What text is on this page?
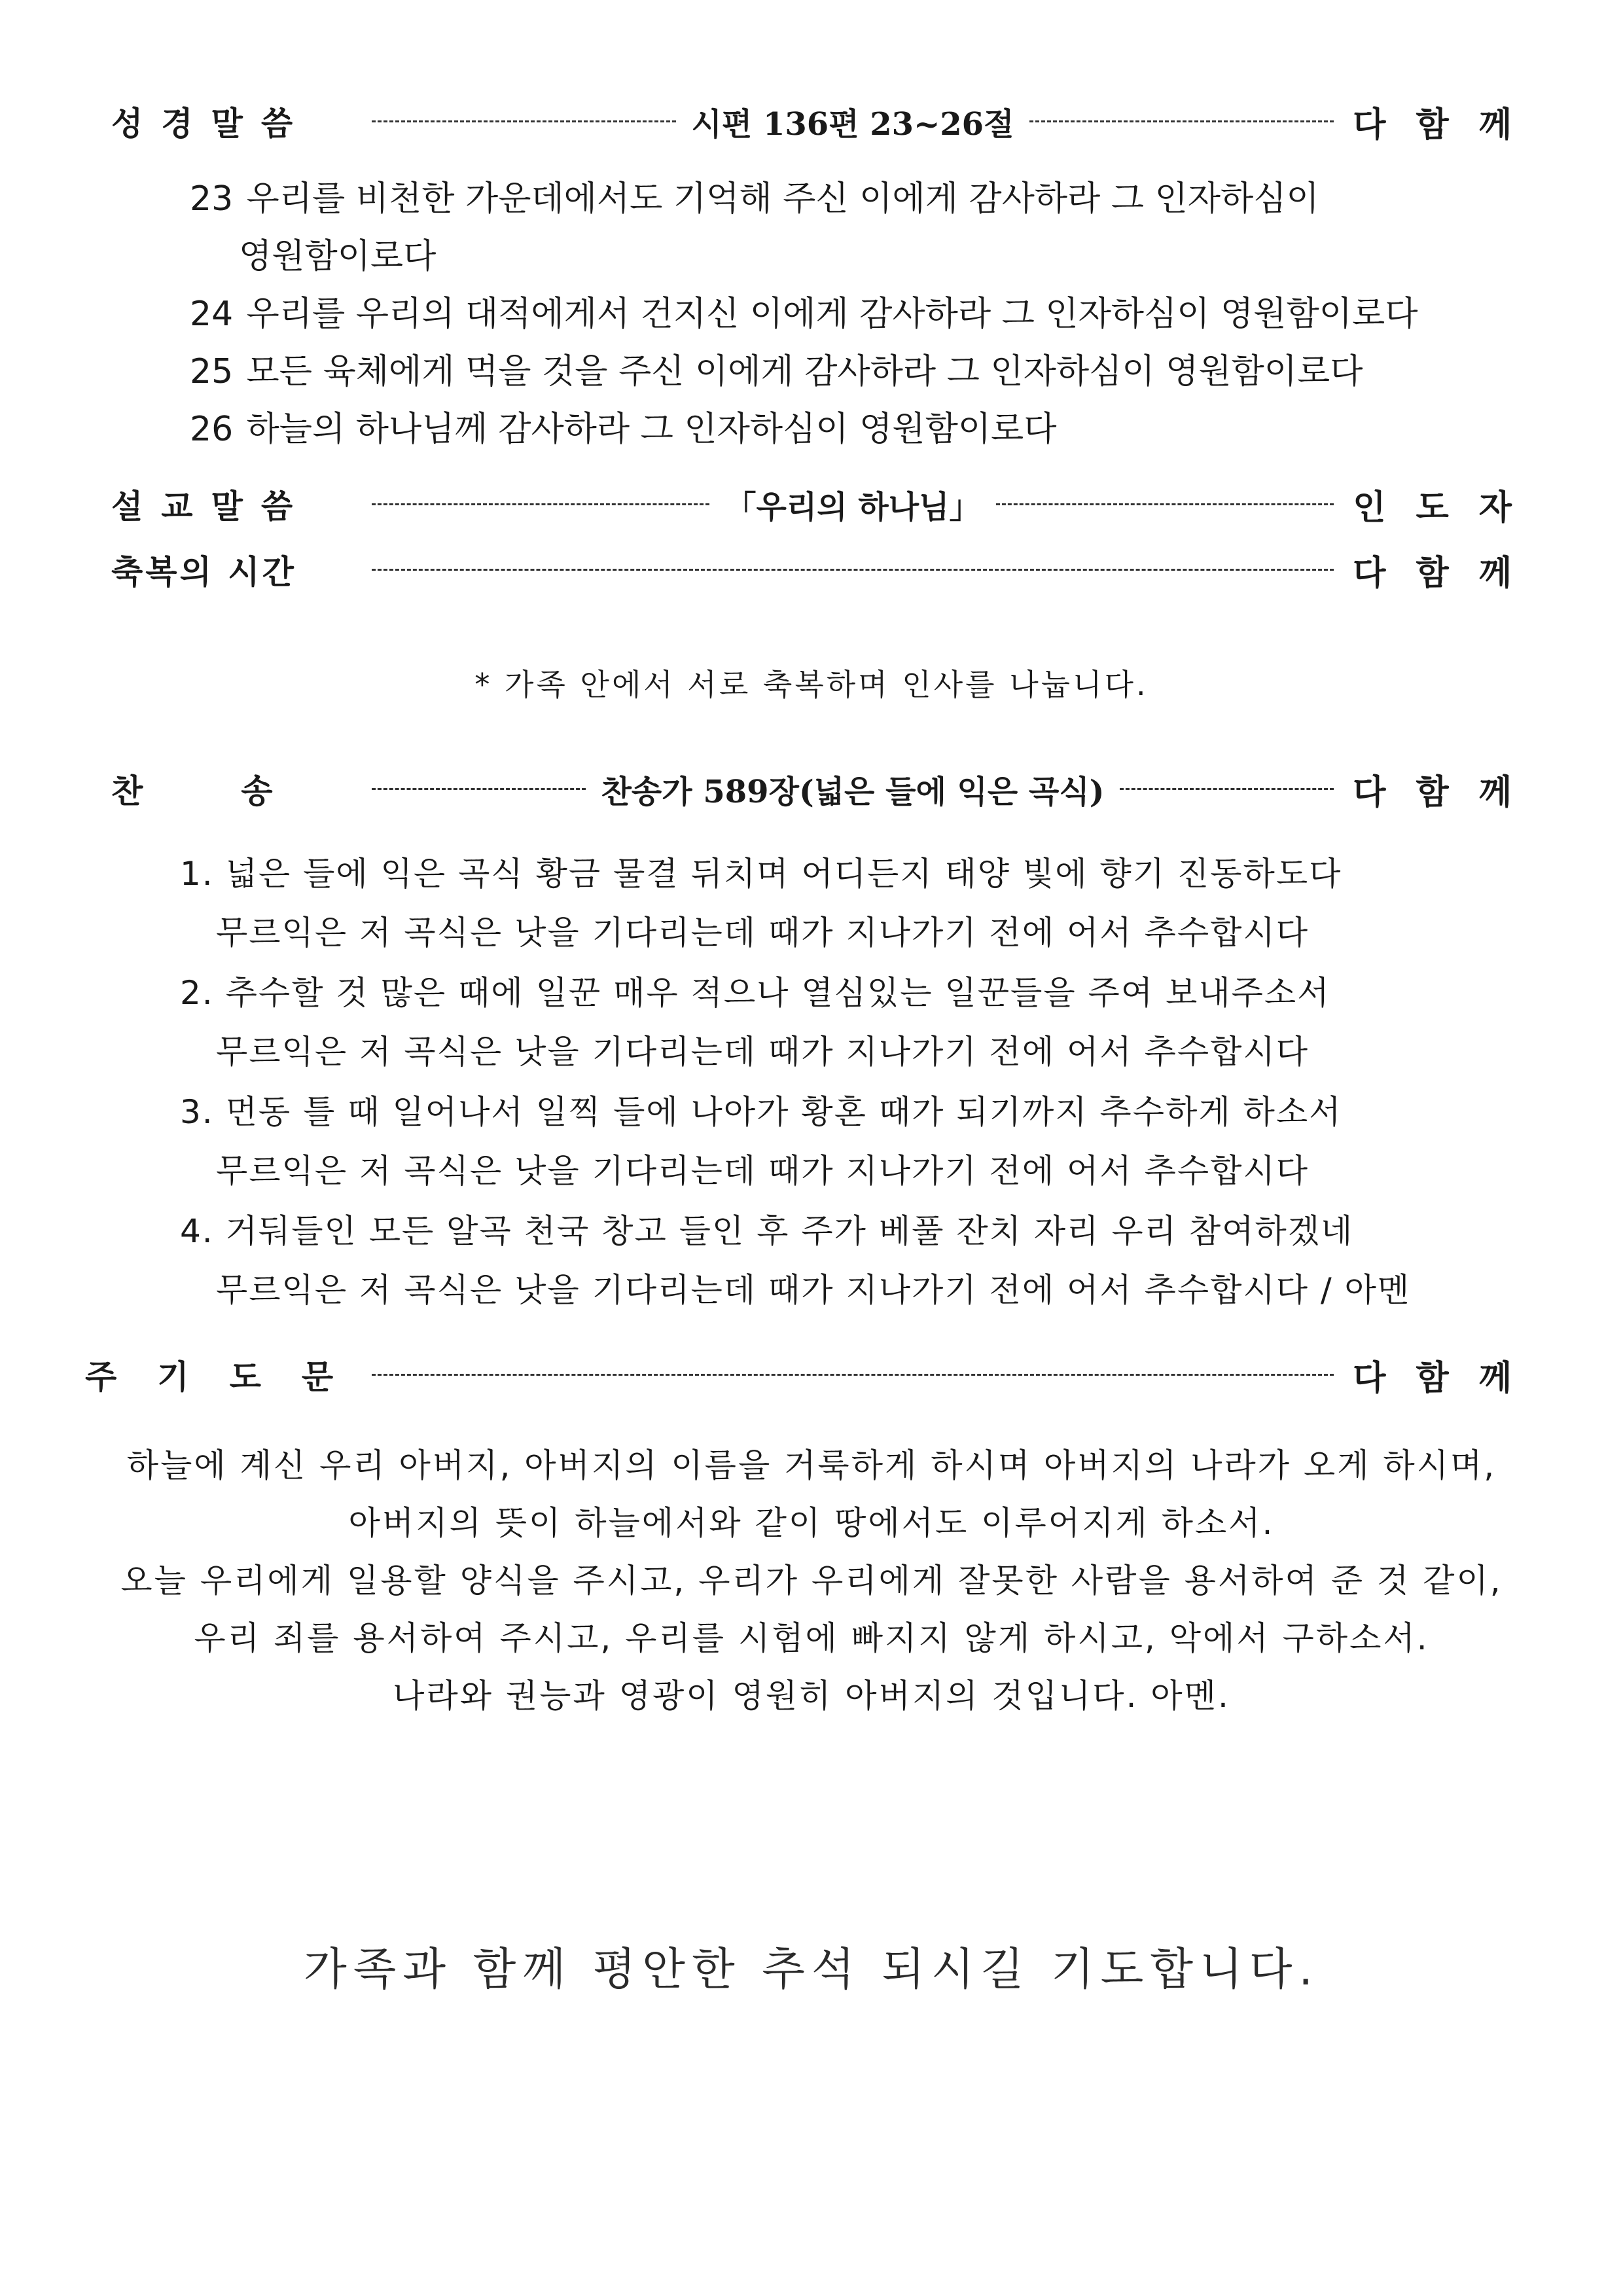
성경말씀	시편 136편 23~26절	다함께
23 우리를 비천한 가운데에서도 기억해 주신 이에게 감사하라 그 인자하심이
영원함이로다
24 우리를 우리의 대적에게서 건지신 이에게 감사하라 그 인자하심이 영원함이로다
25 모든 육체에게 먹을 것을 주신 이에게 감사하라 그 인자하심이 영원함이로다
26 하늘의 하나님께 감사하라 그 인자하심이 영원함이로다
설교말씀	「우리의 하나님」	인도자
축복의 시간	다함께
* 가족 안에서 서로 축복하며 인사를 나눕니다.
찬송	찬송가 589장(넓은 들에 익은 곡식)	다함께
1. 넓은 들에 익은 곡식 황금 물결 뒤치며 어디든지 태양 빛에 향기 진동하도다
무르익은 저 곡식은 낫을 기다리는데 때가 지나가기 전에 어서 추수합시다
2. 추수할 것 많은 때에 일꾼 매우 적으나 열심있는 일꾼들을 주여 보내주소서
무르익은 저 곡식은 낫을 기다리는데 때가 지나가기 전에 어서 추수합시다
3. 먼동 틀 때 일어나서 일찍 들에 나아가 황혼 때가 되기까지 추수하게 하소서
무르익은 저 곡식은 낫을 기다리는데 때가 지나가기 전에 어서 추수합시다
4. 거둬들인 모든 알곡 천국 창고 들인 후 주가 베풀 잔치 자리 우리 참여하겠네
무르익은 저 곡식은 낫을 기다리는데 때가 지나가기 전에 어서 추수합시다 / 아멘
주기도문	다함께
하늘에 계신 우리 아버지, 아버지의 이름을 거룩하게 하시며 아버지의 나라가 오게 하시며,
아버지의 뜻이 하늘에서와 같이 땅에서도 이루어지게 하소서.
오늘 우리에게 일용할 양식을 주시고, 우리가 우리에게 잘못한 사람을 용서하여 준 것 같이,
우리 죄를 용서하여 주시고, 우리를 시험에 빠지지 않게 하시고, 악에서 구하소서.
나라와 권능과 영광이 영원히 아버지의 것입니다. 아멘.
가족과 함께 평안한 추석 되시길 기도합니다.
